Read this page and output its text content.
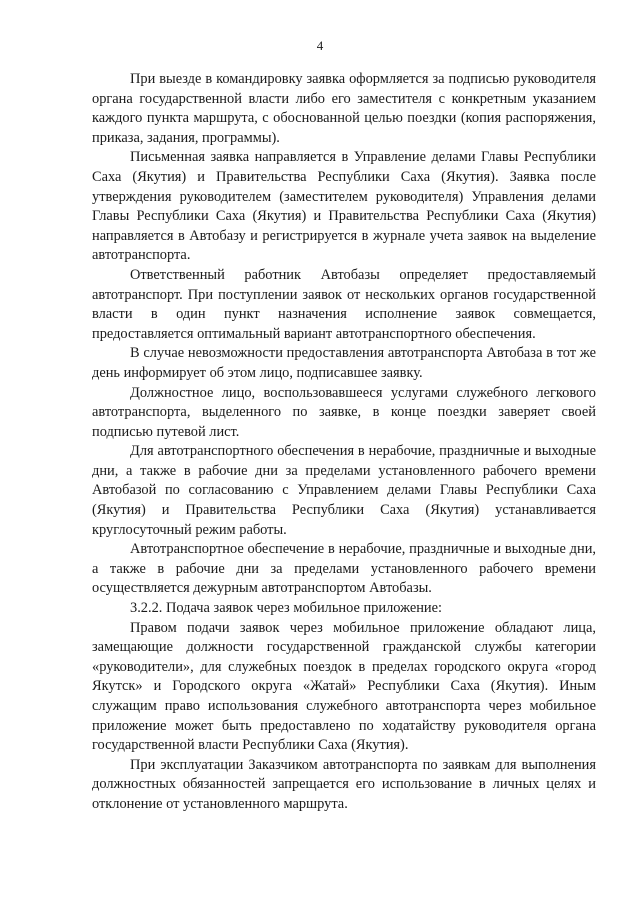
4

При выезде в командировку заявка оформляется за подписью руководителя органа государственной власти либо его заместителя с конкретным указанием каждого пункта маршрута, с обоснованной целью поездки (копия распоряжения, приказа, задания, программы).

Письменная заявка направляется в Управление делами Главы Республики Саха (Якутия) и Правительства Республики Саха (Якутия). Заявка после утверждения руководителем (заместителем руководителя) Управления делами Главы Республики Саха (Якутия) и Правительства Республики Саха (Якутия) направляется в Автобазу и регистрируется в журнале учета заявок на выделение автотранспорта.

Ответственный работник Автобазы определяет предоставляемый автотранспорт. При поступлении заявок от нескольких органов государственной власти в один пункт назначения исполнение заявок совмещается, предоставляется оптимальный вариант автотранспортного обеспечения.

В случае невозможности предоставления автотранспорта Автобаза в тот же день информирует об этом лицо, подписавшее заявку.

Должностное лицо, воспользовавшееся услугами служебного легкового автотранспорта, выделенного по заявке, в конце поездки заверяет своей подписью путевой лист.

Для автотранспортного обеспечения в нерабочие, праздничные и выходные дни, а также в рабочие дни за пределами установленного рабочего времени Автобазой по согласованию с Управлением делами Главы Республики Саха (Якутия) и Правительства Республики Саха (Якутия) устанавливается круглосуточный режим работы.

Автотранспортное обеспечение в нерабочие, праздничные и выходные дни, а также в рабочие дни за пределами установленного рабочего времени осуществляется дежурным автотранспортом Автобазы.

3.2.2. Подача заявок через мобильное приложение:

Правом подачи заявок через мобильное приложение обладают лица, замещающие должности государственной гражданской службы категории «руководители», для служебных поездок в пределах городского округа «город Якутск» и Городского округа «Жатай» Республики Саха (Якутия). Иным служащим право использования служебного автотранспорта через мобильное приложение может быть предоставлено по ходатайству руководителя органа государственной власти Республики Саха (Якутия).

При эксплуатации Заказчиком автотранспорта по заявкам для выполнения должностных обязанностей запрещается его использование в личных целях и отклонение от установленного маршрута.
